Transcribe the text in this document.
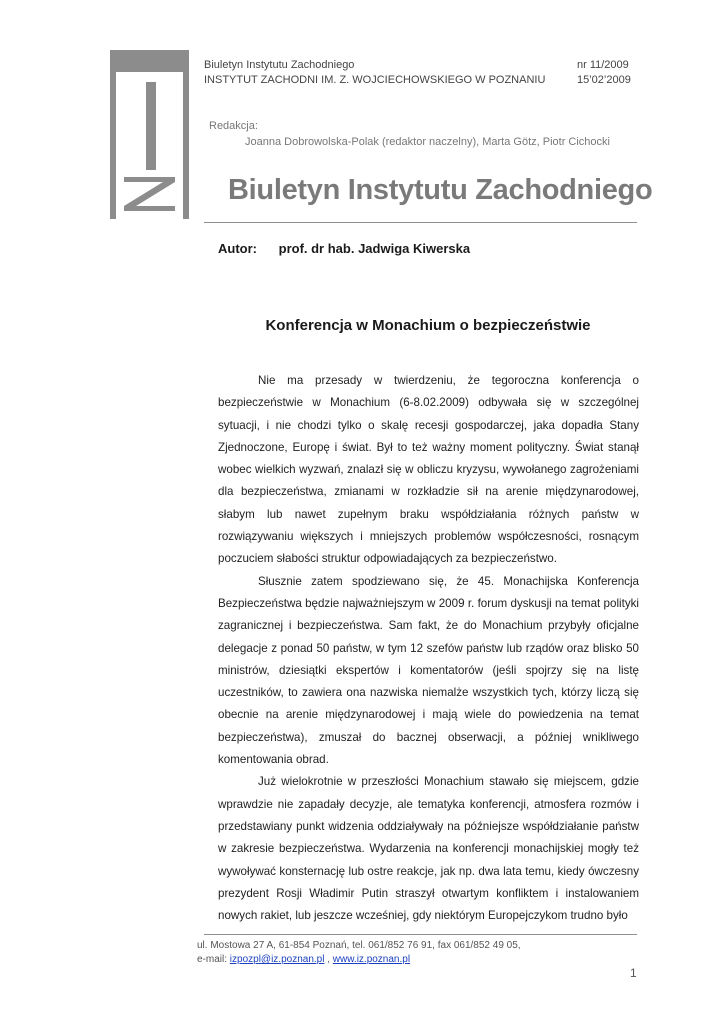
Biuletyn Instytutu Zachodniego
INSTYTUT ZACHODNI IM. Z. WOJCIECHOWSKIEGO W POZNANIU
nr 11/2009
15’02’2009
Redakcja:
Joanna Dobrowolska-Polak (redaktor naczelny), Marta Götz, Piotr Cichocki
Biuletyn Instytutu Zachodniego
Autor: prof. dr hab. Jadwiga Kiwerska
Konferencja w Monachium o bezpieczeństwie

Nie ma przesady w twierdzeniu, że tegoroczna konferencja o bezpieczeństwie w Monachium (6-8.02.2009) odbywała się w szczególnej sytuacji, i nie chodzi tylko o skalę recesji gospodarczej, jaka dopadła Stany Zjednoczone, Europę i świat. Był to też ważny moment polityczny. Świat stanął wobec wielkich wyzwań, znalazł się w obliczu kryzysu, wywołanego zagrożeniami dla bezpieczeństwa, zmianami w rozkładzie sił na arenie międzynarodowej, słabym lub nawet zupełnym braku współdziałania różnych państw w rozwiązywaniu większych i mniejszych problemów współczesności, rosnącym poczuciem słabości struktur odpowiadających za bezpieczeństwo.

Słusznie zatem spodziewano się, że 45. Monachijska Konferencja Bezpieczeństwa będzie najważniejszym w 2009 r. forum dyskusji na temat polityki zagranicznej i bezpieczeństwa. Sam fakt, że do Monachium przybyły oficjalne delegacje z ponad 50 państw, w tym 12 szefów państw lub rządów oraz blisko 50 ministrów, dziesiątki ekspertów i komentatorów (jeśli spojrzy się na listę uczestników, to zawiera ona nazwiska niemalże wszystkich tych, którzy liczą się obecnie na arenie międzynarodowej i mają wiele do powiedzenia na temat bezpieczeństwa), zmuszał do bacznej obserwacji, a później wnikliwego komentowania obrad.

Już wielokrotnie w przeszłości Monachium stawało się miejscem, gdzie wprawdzie nie zapadały decyzje, ale tematyka konferencji, atmosfera rozmów i przedstawiany punkt widzenia oddziaływały na późniejsze współdziałanie państw w zakresie bezpieczeństwa. Wydarzenia na konferencji monachijskiej mogły też wywoływać konsternację lub ostre reakcje, jak np. dwa lata temu, kiedy ówczesny prezydent Rosji Władimir Putin straszył otwartym konfliktem i instalowaniem nowych rakiet, lub jeszcze wcześniej, gdy niektórym Europejczykom trudno było

ul. Mostowa 27 A, 61-854 Poznań, tel. 061/852 76 91, fax 061/852 49 05,
e-mail: izpozpl@iz.poznan.pl , www.iz.poznan.pl
1
